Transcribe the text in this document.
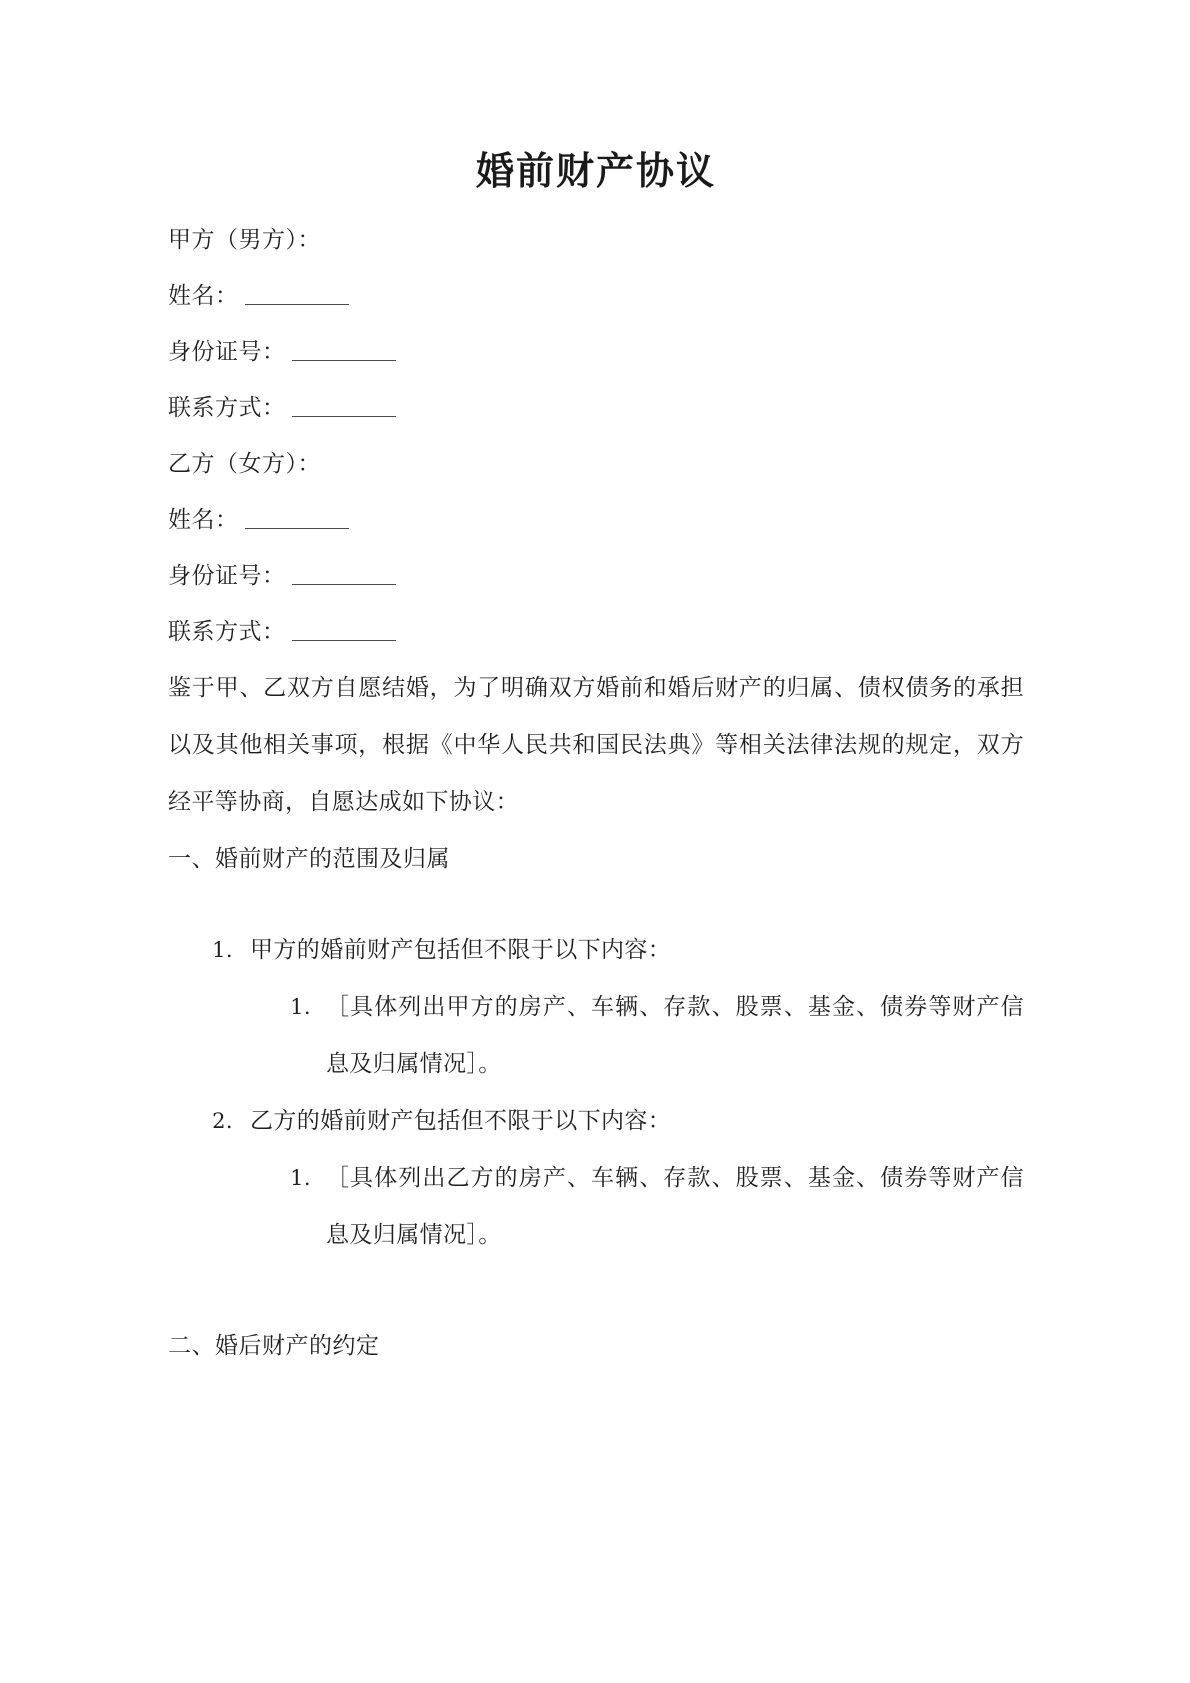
婚前财产协议
甲方（男方）：
姓名：
身份证号：
联系方式：
乙方（女方）：
姓名：
身份证号：
联系方式：

鉴于甲、乙双方自愿结婚，为了明确双方婚前和婚后财产的归属、债权债务的承担以及其他相关事项，根据《中华人民共和国民法典》等相关法律法规的规定，双方经平等协商，自愿达成如下协议：

一、婚前财产的范围及归属
1. 甲方的婚前财产包括但不限于以下内容：
1. ［具体列出甲方的房产、车辆、存款、股票、基金、债券等财产信息及归属情况］。
2. 乙方的婚前财产包括但不限于以下内容：
1. ［具体列出乙方的房产、车辆、存款、股票、基金、债券等财产信息及归属情况］。
二、婚后财产的约定
